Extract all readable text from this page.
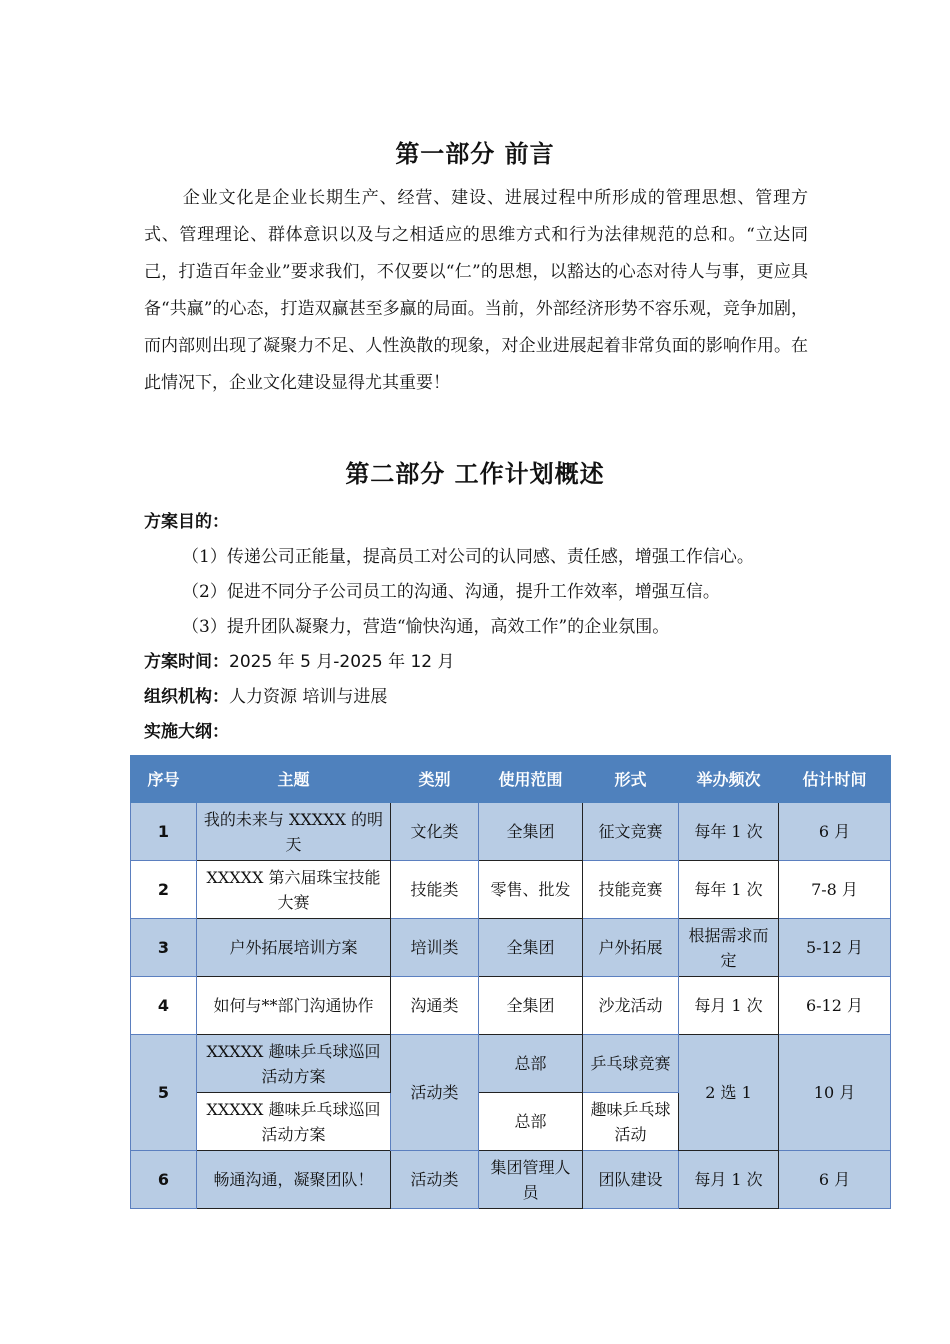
第一部分 前言
企业文化是企业长期生产、经营、建设、进展过程中所形成的管理思想、管理方式、管理理论、群体意识以及与之相适应的思维方式和行为法律规范的总和。“立达同己，打造百年金业”要求我们，不仅要以“仁”的思想，以豁达的心态对待人与事，更应具备“共赢”的心态，打造双赢甚至多赢的局面。当前，外部经济形势不容乐观，竞争加剧，而内部则出现了凝聚力不足、人性涣散的现象，对企业进展起着非常负面的影响作用。在此情况下，企业文化建设显得尤其重要！
第二部分 工作计划概述
方案目的：
（1）传递公司正能量，提高员工对公司的认同感、责任感，增强工作信心。
（2）促进不同分子公司员工的沟通、沟通，提升工作效率，增强互信。
（3）提升团队凝聚力，营造“愉快沟通，高效工作”的企业氛围。
方案时间：2025 年 5 月-2025 年 12 月
组织机构：人力资源 培训与进展
实施大纲：
序号	主题	类别	使用范围	形式	举办频次	估计时间
1	我的未来与 XXXXX 的明天	文化类	全集团	征文竞赛	每年 1 次	6 月
2	XXXXX 第六届珠宝技能大赛	技能类	零售、批发	技能竞赛	每年 1 次	7-8 月
3	户外拓展培训方案	培训类	全集团	户外拓展	根据需求而定	5-12 月
4	如何与**部门沟通协作	沟通类	全集团	沙龙活动	每月 1 次	6-12 月
5	XXXXX 趣味乒乓球巡回活动方案	活动类	总部	乒乓球竞赛	2 选 1	10 月
	XXXXX 趣味乒乓球巡回活动方案		总部	趣味乒乓球活动		
6	畅通沟通，凝聚团队！	活动类	集团管理人员	团队建设	每月 1 次	6 月
